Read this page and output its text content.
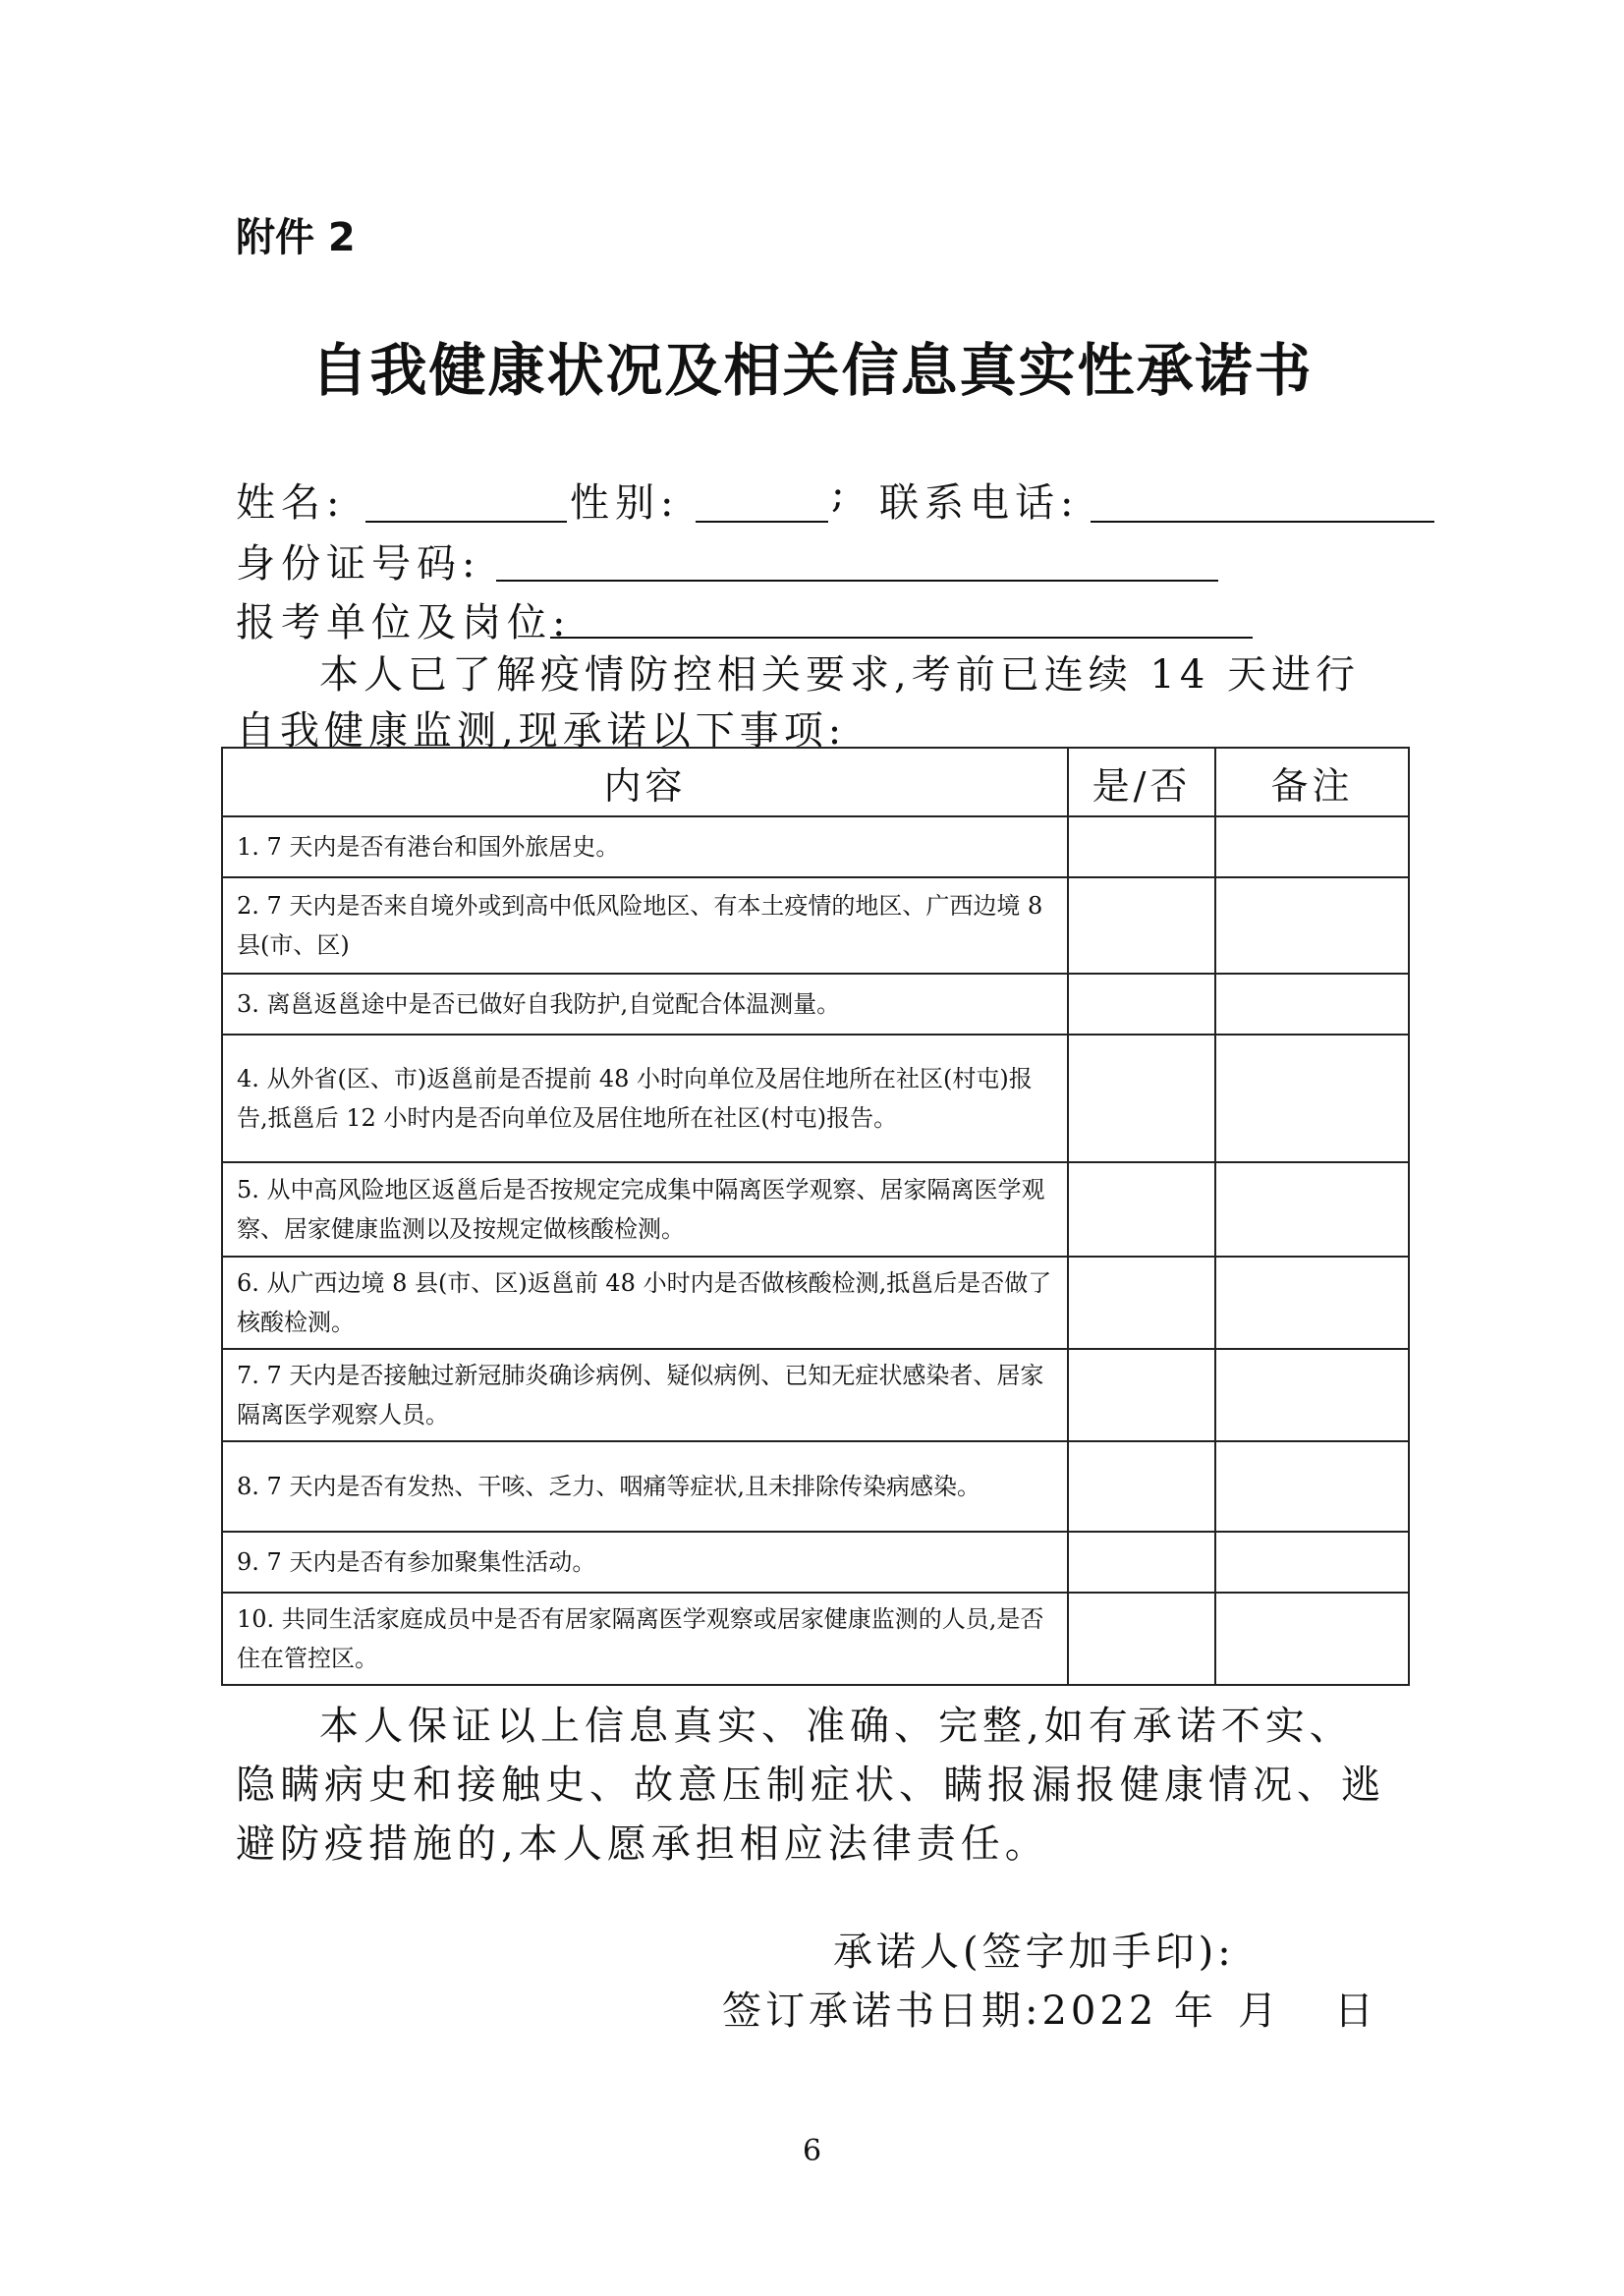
附件 2
自我健康状况及相关信息真实性承诺书
姓名:	性别:	; 联系电话:
身份证号码:
报考单位及岗位:
本人已了解疫情防控相关要求,考前已连续 14 天进行
自我健康监测,现承诺以下事项:
内容	是/否	备注
1. 7 天内是否有港台和国外旅居史。		
2. 7 天内是否来自境外或到高中低风险地区、有本土疫情的地区、广西边境 8 县(市、区)		
3. 离邕返邕途中是否已做好自我防护,自觉配合体温测量。		
4. 从外省(区、市)返邕前是否提前 48 小时向单位及居住地所在社区(村屯)报告,抵邕后 12 小时内是否向单位及居住地所在社区(村屯)报告。		
5. 从中高风险地区返邕后是否按规定完成集中隔离医学观察、居家隔离医学观察、居家健康监测以及按规定做核酸检测。		
6. 从广西边境 8 县(市、区)返邕前 48 小时内是否做核酸检测,抵邕后是否做了核酸检测。		
7. 7 天内是否接触过新冠肺炎确诊病例、疑似病例、已知无症状感染者、居家隔离医学观察人员。		
8. 7 天内是否有发热、干咳、乏力、咽痛等症状,且未排除传染病感染。		
9. 7 天内是否有参加聚集性活动。		
10. 共同生活家庭成员中是否有居家隔离医学观察或居家健康监测的人员,是否住在管控区。		
本人保证以上信息真实、准确、完整,如有承诺不实、
隐瞒病史和接触史、故意压制症状、瞒报漏报健康情况、逃
避防疫措施的,本人愿承担相应法律责任。
承诺人(签字加手印):
签订承诺书日期:2022 年 月 日
6
